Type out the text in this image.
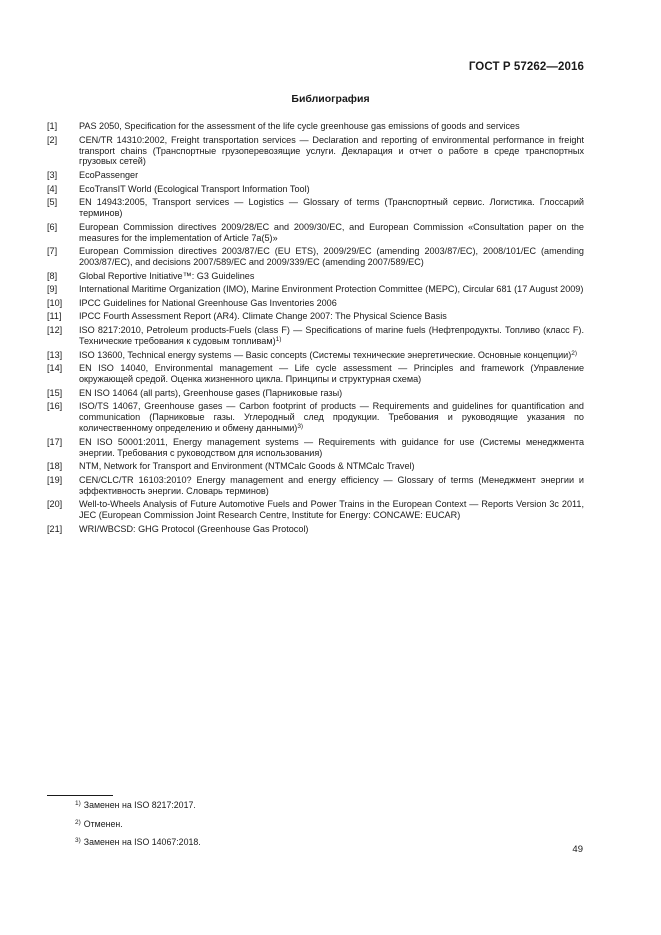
ГОСТ Р 57262—2016
Библиография
[1] PAS 2050, Specification for the assessment of the life cycle greenhouse gas emissions of goods and services
[2] CEN/TR 14310:2002, Freight transportation services — Declaration and reporting of environmental performance in freight transport chains (Транспортные грузоперевозящие услуги. Декларация и отчет о работе в среде транспортных грузовых сетей)
[3] EcoPassenger
[4] EcoTransIT World (Ecological Transport Information Tool)
[5] EN 14943:2005, Transport services — Logistics — Glossary of terms (Транспортный сервис. Логистика. Глоссарий терминов)
[6] European Commission directives 2009/28/EC and 2009/30/EC, and European Commission «Consultation paper on the measures for the implementation of Article 7a(5)»
[7] European Commission directives 2003/87/EC (EU ETS), 2009/29/EC (amending 2003/87/EC), 2008/101/EC (amending 2003/87/EC), and decisions 2007/589/EC and 2009/339/EC (amending 2007/589/EC)
[8] Global Reportive Initiative™: G3 Guidelines
[9] International Maritime Organization (IMO), Marine Environment Protection Committee (MEPC), Circular 681 (17 August 2009)
[10] IPCC Guidelines for National Greenhouse Gas Inventories 2006
[11] IPCC Fourth Assessment Report (AR4). Climate Change 2007: The Physical Science Basis
[12] ISO 8217:2010, Petroleum products-Fuels (class F) — Specifications of marine fuels (Нефтепродукты. Топливо (класс F). Технические требования к судовым топливам)$^{1)}$
[13] ISO 13600, Technical energy systems — Basic concepts (Системы технические энергетические. Основные концепции)$^{2)}$
[14] EN ISO 14040, Environmental management — Life cycle assessment — Principles and framework (Управление окружающей средой. Оценка жизненного цикла. Принципы и структурная схема)
[15] EN ISO 14064 (all parts), Greenhouse gases (Парниковые газы)
[16] ISO/TS 14067, Greenhouse gases — Carbon footprint of products — Requirements and guidelines for quantification and communication (Парниковые газы. Углеродный след продукции. Требования и руководящие указания по количественному определению и обмену данными)$^{3)}$
[17] EN ISO 50001:2011, Energy management systems — Requirements with guidance for use (Системы менеджмента энергии. Требования с руководством для использования)
[18] NTM, Network for Transport and Environment (NTMCalc Goods & NTMCalc Travel)
[19] CEN/CLC/TR 16103:2010? Energy management and energy efficiency — Glossary of terms (Менеджмент энергии и эффективность энергии. Словарь терминов)
[20] Well-to-Wheels Analysis of Future Automotive Fuels and Power Trains in the European Context — Reports Version 3c 2011, JEC (European Commission Joint Research Centre, Institute for Energy: CONCAWE: EUCAR)
[21] WRI/WBCSD: GHG Protocol (Greenhouse Gas Protocol)
$^{1)}$ Заменен на ISO 8217:2017.
$^{2)}$ Отменен.
$^{3)}$ Заменен на ISO 14067:2018.
49
